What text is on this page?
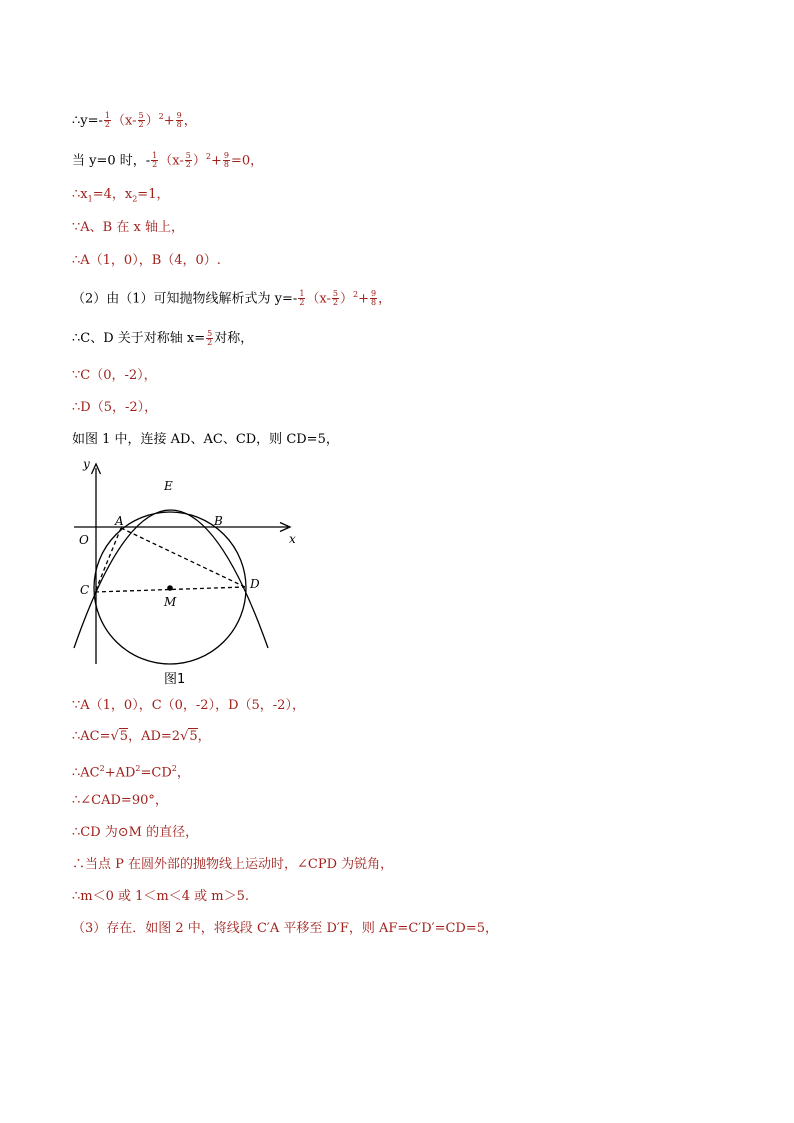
∴y=- $\frac{1}{2} (x- \frac{5}{2} )^2+ \frac{9}{8}$ ，
当 y=0 时，- $\frac{1}{2} (x- \frac{5}{2} )^2+ \frac{9}{8} =0$，
$\therefore x_1=4$，$x_2=1$，
∵A、B 在 x 轴上，
∴A（1，0），B（4，0）.
（2）由（1）可知抛物线解析式为 $y=- \frac{1}{2} (x- \frac{5}{2} )^2+ \frac{9}{8}$ ，
∴C、D 关于对称轴 $x= \frac{5}{2}$ 对称，
∵C（0，-2），
∴D（5，-2），
如图 1 中，连接 AD、AC、CD，则 CD=5，
y
x
O
A	B
E
C	D
M
图1
∵A（1，0），C（0，-2），D（5，-2），
∴AC=√5，AD=2√5，
$\therefore AC^2+AD^2=CD^2$，
∴∠CAD=90°，
∴CD 为⊙M 的直径，
∴当点 P 在圆外部的抛物线上运动时，∠CPD 为锐角，
∴m＜0 或 1＜m＜4 或 m＞5.
（3）存在．如图 2 中，将线段 C′A 平移至 D′F，则 AF=C′D′=CD=5，
